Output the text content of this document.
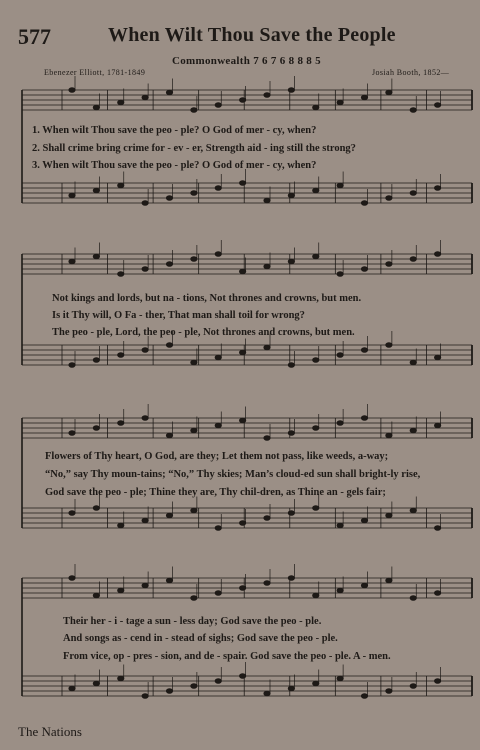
577	When Wilt Thou Save the People
Commonwealth 7 6 7 6 8 8 8 5
Ebenezer Elliott, 1781-1849	Josiah Booth, 1852—
1. When wilt Thou save the peo - ple? O God of mer - cy, when?
2. Shall crime bring crime for - ev - er, Strength aid - ing still the strong?
3. When wilt Thou save the peo - ple? O God of mer - cy, when?
Not kings and lords, but na - tions, Not thrones and crowns, but men.
Is it Thy will, O Fa - ther, That man shall toil for wrong?
The peo - ple, Lord, the peo - ple, Not thrones and crowns, but men.
Flowers of Thy heart, O God, are they; Let them not pass, like weeds, a-way;
“No,” say Thy moun-tains; “No,” Thy skies; Man’s cloud-ed sun shall bright-ly rise,
God save the peo - ple; Thine they are, Thy chil-dren, as Thine an - gels fair;
Their her - i - tage a sun - less day; God save the peo - ple.
And songs as - cend in - stead of sighs; God save the peo - ple.
From vice, op - pres - sion, and de - spair. God save the peo - ple. A - men.
The Nations
